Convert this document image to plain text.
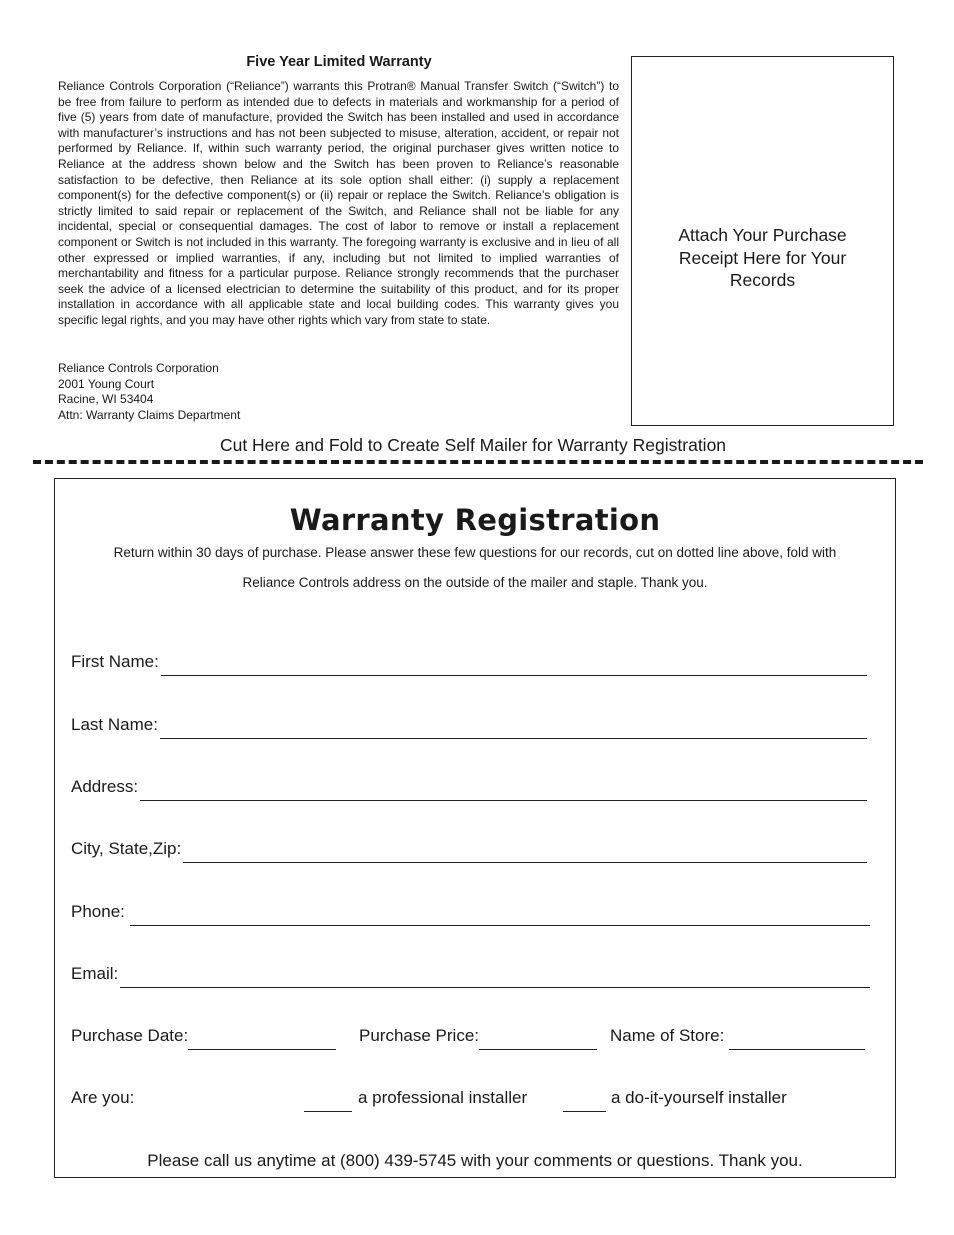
Five Year Limited Warranty

Reliance Controls Corporation (“Reliance”) warrants this Protran® Manual Transfer Switch (“Switch”) to be free from failure to perform as intended due to defects in materials and workmanship for a period of five (5) years from date of manufacture, provided the Switch has been installed and used in accordance with manufacturer’s instructions and has not been subjected to misuse, alteration, accident, or repair not performed by Reliance. If, within such warranty period, the original purchaser gives written notice to Reliance at the address shown below and the Switch has been proven to Reliance’s reasonable satisfaction to be defective, then Reliance at its sole option shall either: (i) supply a replacement component(s) for the defective component(s) or (ii) repair or replace the Switch. Reliance’s obligation is strictly limited to said repair or replacement of the Switch, and Reliance shall not be liable for any incidental, special or consequential damages. The cost of labor to remove or install a replacement component or Switch is not included in this warranty. The foregoing warranty is exclusive and in lieu of all other expressed or implied warranties, if any, including but not limited to implied warranties of merchantability and fitness for a particular purpose. Reliance strongly recommends that the purchaser seek the advice of a licensed electrician to determine the suitability of this product, and for its proper installation in accordance with all applicable state and local building codes. This warranty gives you specific legal rights, and you may have other rights which vary from state to state.

Reliance Controls Corporation
2001 Young Court
Racine, WI 53404
Attn: Warranty Claims Department
Attach Your Purchase Receipt Here for Your Records
Cut Here and Fold to Create Self Mailer for Warranty Registration
Warranty Registration
Return within 30 days of purchase. Please answer these few questions for our records, cut on dotted line above, fold with
Reliance Controls address on the outside of the mailer and staple. Thank you.
First Name:
Last Name:
Address:
City, State,Zip:
Phone:
Email:
Purchase Date:	Purchase Price:	Name of Store:
Are you:	a professional installer	a do-it-yourself installer
Please call us anytime at (800) 439-5745 with your comments or questions. Thank you.
